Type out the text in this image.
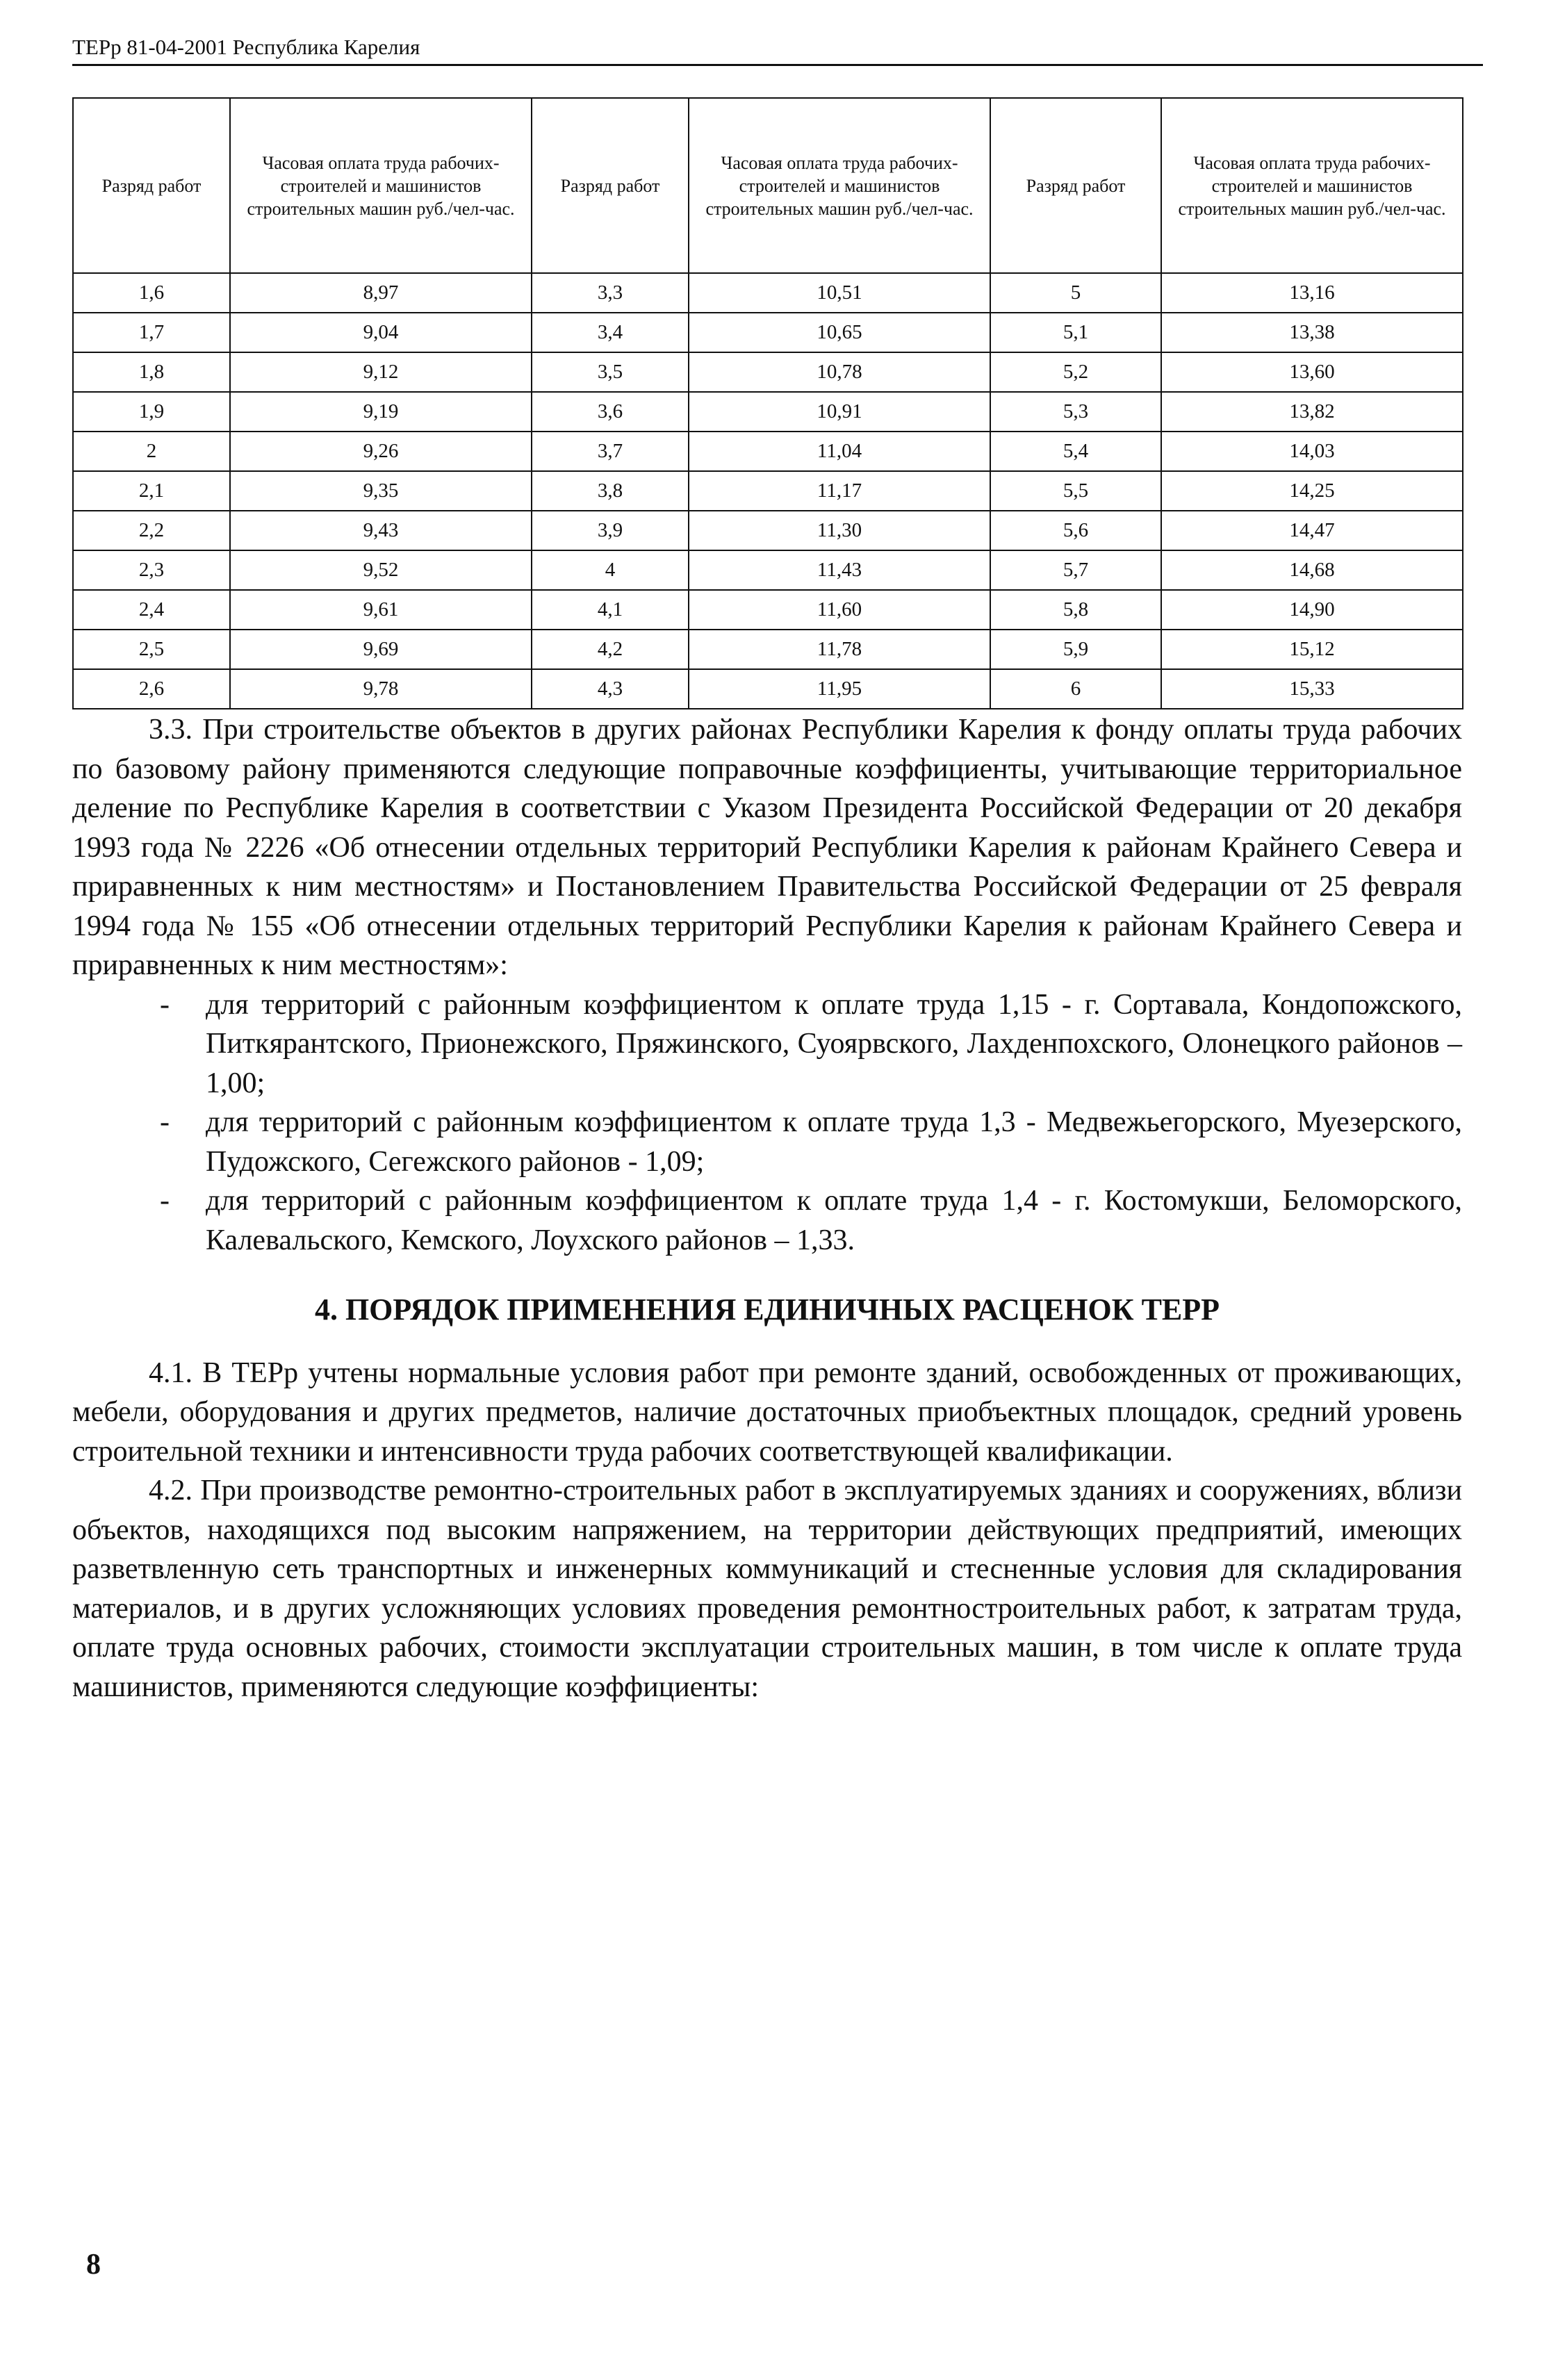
ТЕРр 81-04-2001 Республика Карелия
Разряд работ	Часовая оплата труда рабочих-строителей и машинистов строительных машин руб./чел-час.	Разряд работ	Часовая оплата труда рабочих-строителей и машинистов строительных машин руб./чел-час.	Разряд работ	Часовая оплата труда рабочих-строителей и машинистов строительных машин руб./чел-час.
1,6	8,97	3,3	10,51	5	13,16
1,7	9,04	3,4	10,65	5,1	13,38
1,8	9,12	3,5	10,78	5,2	13,60
1,9	9,19	3,6	10,91	5,3	13,82
2	9,26	3,7	11,04	5,4	14,03
2,1	9,35	3,8	11,17	5,5	14,25
2,2	9,43	3,9	11,30	5,6	14,47
2,3	9,52	4	11,43	5,7	14,68
2,4	9,61	4,1	11,60	5,8	14,90
2,5	9,69	4,2	11,78	5,9	15,12
2,6	9,78	4,3	11,95	6	15,33

3.3. При строительстве объектов в других районах Республики Карелия к фонду оплаты труда рабочих по базовому району применяются следующие поправочные коэффициенты, учитывающие территориальное деление по Республике Карелия в соответствии с Указом Президента Российской Федерации от 20 декабря 1993 года № 2226 «Об отнесении отдельных территорий Республики Карелия к районам Крайнего Севера и приравненных к ним местностям» и Постановлением Правительства Российской Федерации от 25 февраля 1994 года № 155 «Об отнесении отдельных территорий Республики Карелия к районам Крайнего Севера и приравненных к ним местностям»:

- для территорий с районным коэффициентом к оплате труда 1,15 - г. Сортавала, Кондопожского, Питкярантского, Прионежского, Пряжинского, Суоярвского, Лахденпохского, Олонецкого районов – 1,00;
- для территорий с районным коэффициентом к оплате труда 1,3 - Медвежьегорского, Муезерского, Пудожского, Сегежского районов - 1,09;
- для территорий с районным коэффициентом к оплате труда 1,4 - г. Костомукши, Беломорского, Калевальского, Кемского, Лоухского районов – 1,33.
4. ПОРЯДОК ПРИМЕНЕНИЯ ЕДИНИЧНЫХ РАСЦЕНОК ТЕРР

4.1. В ТЕРр учтены нормальные условия работ при ремонте зданий, освобожденных от проживающих, мебели, оборудования и других предметов, наличие достаточных приобъектных площадок, средний уровень строительной техники и интенсивности труда рабочих соответствующей квалификации.

4.2. При производстве ремонтно-строительных работ в эксплуатируемых зданиях и сооружениях, вблизи объектов, находящихся под высоким напряжением, на территории действующих предприятий, имеющих разветвленную сеть транспортных и инженерных коммуникаций и стесненные условия для складирования материалов, и в других усложняющих условиях проведения ремонтностроительных работ, к затратам труда, оплате труда основных рабочих, стоимости эксплуатации строительных машин, в том числе к оплате труда машинистов, применяются следующие коэффициенты:

8
